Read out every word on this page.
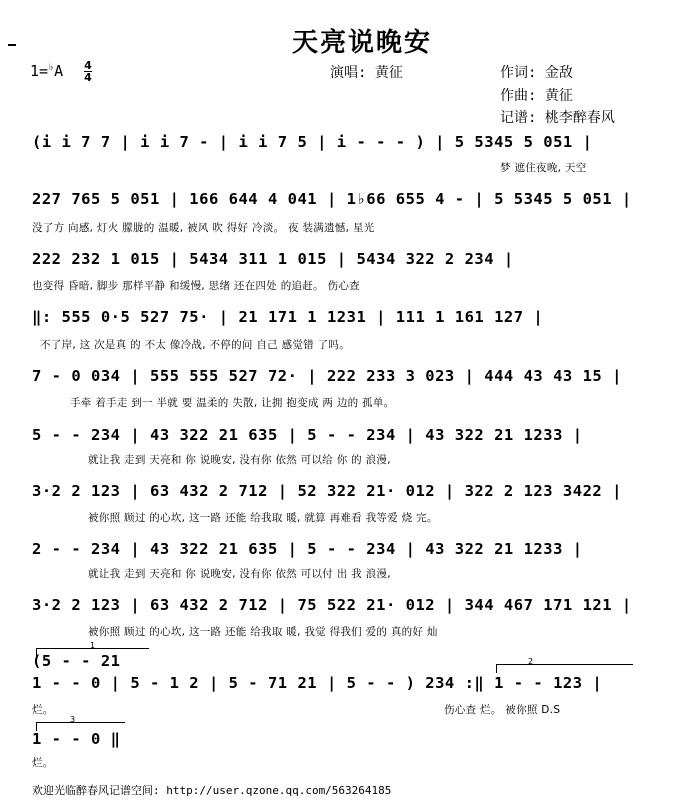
天亮说晚安
1=♭A 4
4	演唱: 黄征	作词: 金敌
作曲: 黄征
记谱: 桃李醉春风
(i i 7 7 | i i 7 - | i i 7 5 | i - - - ) | 5 5345 5 051 |
梦 遮住夜晚, 天空
227 765 5 051 | 166 644 4 041 | 1♭66 655 4 - | 5 5345 5 051 |
没了方 向感, 灯火 朦胧的 温暖, 被风 吹 得好 冷淡。 夜 装满遗憾, 星光
222 232 1 015 | 5434 311 1 015 | 5434 322 2 234 |
也变得 昏暗, 脚步 那样平静 和缓慢, 思绪 还在四处 的追赶。 伤心查
‖: 555 0·5 527 75· | 21 171 1 1231 | 111 1 161 127 |
不了岸, 这 次是真 的 不太 像冷战, 不停的问 自己 感觉错 了吗。
7 - 0 034 | 555 555 527 72· | 222 233 3 023 | 444 43 43 15 |
手牵 着手走 到一 半就 要 温柔的 失散, 让拥 抱变成 两 边的 孤单。
5 - - 234 | 43 322 21 635 | 5 - - 234 | 43 322 21 1233 |
就让我 走到 天亮和 你 说晚安, 没有你 依然 可以给 你 的 浪漫,
3·2 2 123 | 63 432 2 712 | 52 322 21· 012 | 322 2 123 3422 |
被你照 顾过 的心坎, 这一路 还能 给我取 暖, 就算 再难看 我等爱 烧 完。
2 - - 234 | 43 322 21 635 | 5 - - 234 | 43 322 21 1233 |
就让我 走到 天亮和 你 说晚安, 没有你 依然 可以付 出 我 浪漫,
3·2 2 123 | 63 432 2 712 | 75 522 21· 012 | 344 467 171 121 |
被你照 顾过 的心坎, 这一路 还能 给我取 暖, 我觉 得我们 爱的 真的好 灿
1
(5 - - 21	2
1 - - 0 | 5 - 1 2 | 5 - 71 21 | 5 - - ) 234 :‖ 1 - - 123 |
烂。	伤心查 烂。 被你照 D.S
3
1 - - 0 ‖
烂。
欢迎光临醉春风记谱空间: http://user.qzone.qq.com/563264185
